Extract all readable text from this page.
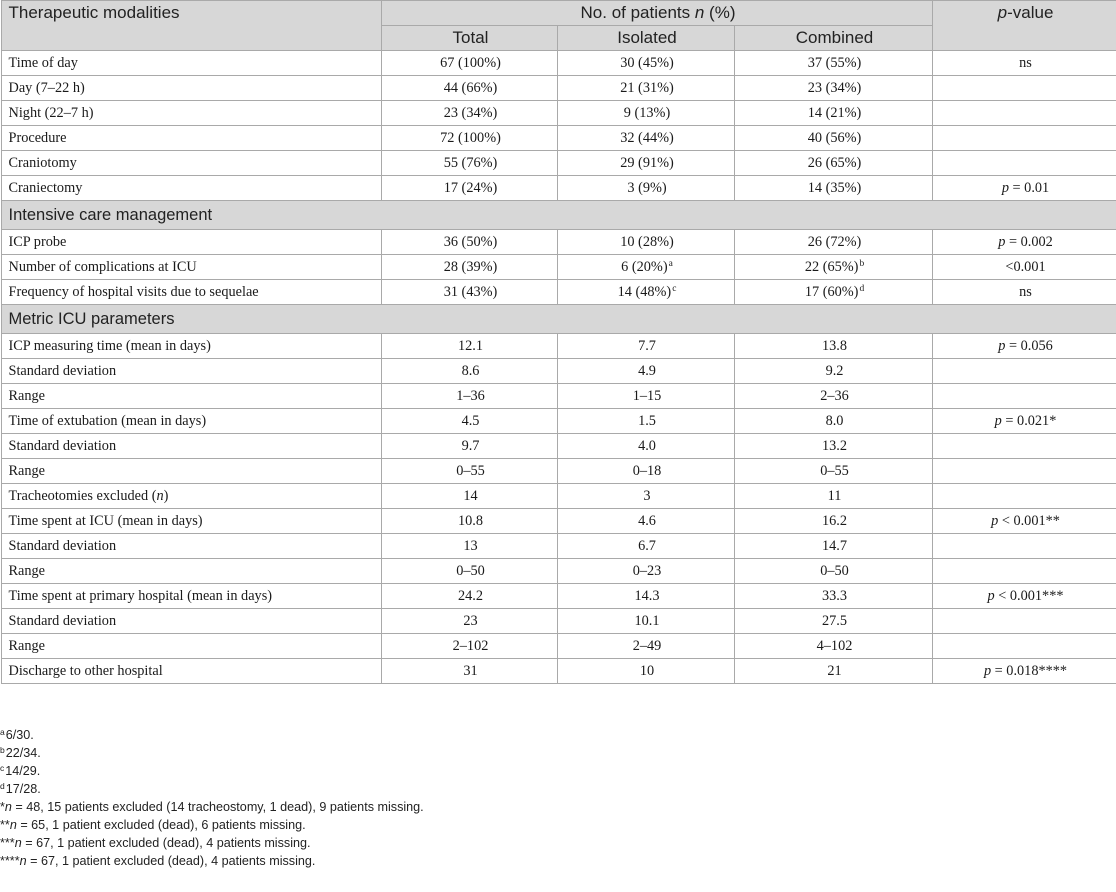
Therapeutic modalities	No. of patients n (%)			p-value
	Total	Isolated	Combined	
Time of day	67 (100%)	30 (45%)	37 (55%)	ns
Day (7–22 h)	44 (66%)	21 (31%)	23 (34%)	
Night (22–7 h)	23 (34%)	9 (13%)	14 (21%)	
Procedure	72 (100%)	32 (44%)	40 (56%)	
Craniotomy	55 (76%)	29 (91%)	26 (65%)	
Craniectomy	17 (24%)	3 (9%)	14 (35%)	p = 0.01
Intensive care management				
ICP probe	36 (50%)	10 (28%)	26 (72%)	p = 0.002
Number of complications at ICU	28 (39%)	6 $(20\%)^a$	22 $(65\%)^b$	<0.001
Frequency of hospital visits due to sequelae	31 (43%)	14 $(48\%)^c$	17 $(60\%)^d$	ns
Metric ICU parameters				
ICP measuring time (mean in days)	12.1	7.7	13.8	p = 0.056
Standard deviation	8.6	4.9	9.2	
Range	1–36	1–15	2–36	
Time of extubation (mean in days)	4.5	1.5	8.0	p = 0.021*
Standard deviation	9.7	4.0	13.2	
Range	0–55	0–18	0–55	
Tracheotomies excluded (n)	14	3	11	
Time spent at ICU (mean in days)	10.8	4.6	16.2	p < 0.001**
Standard deviation	13	6.7	14.7	
Range	0–50	0–23	0–50	
Time spent at primary hospital (mean in days)	24.2	14.3	33.3	p < 0.001***
Standard deviation	23	10.1	27.5	
Range	2–102	2–49	4–102	
Discharge to other hospital	31	10	21	p = 0.018****
$^a$6/30.
$^b$22/34.
$^c$14/29.
$^d$17/28.
*n = 48, 15 patients excluded (14 tracheostomy, 1 dead), 9 patients missing.
**n = 65, 1 patient excluded (dead), 6 patients missing.
***n = 67, 1 patient excluded (dead), 4 patients missing.
****n = 67, 1 patient excluded (dead), 4 patients missing.
